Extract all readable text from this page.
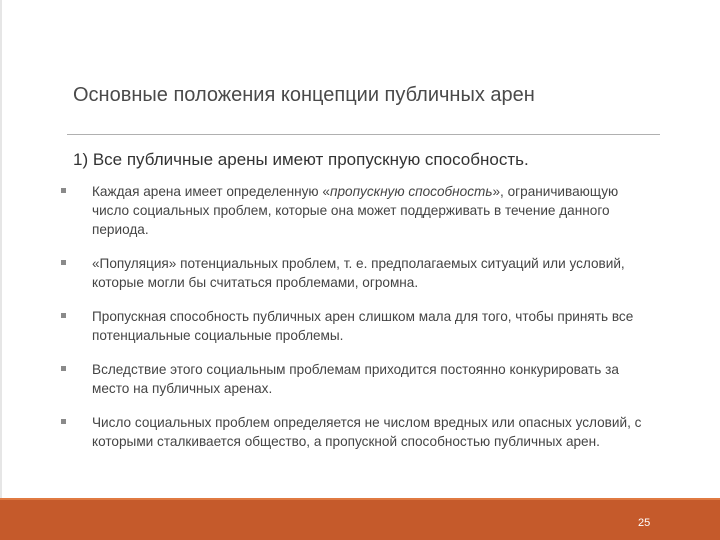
Основные положения концепции публичных арен
1) Все публичные арены имеют пропускную способность.
Каждая арена имеет определенную «пропускную способность», ограничивающую число социальных проблем, которые она может поддерживать в течение данного периода.
«Популяция» потенциальных проблем, т. е. предполагаемых ситуаций или условий, которые могли бы считаться проблемами, огромна.
Пропускная способность публичных арен слишком мала для того, чтобы принять все потенциальные социальные проблемы.
Вследствие этого социальным проблемам приходится постоянно конкурировать за место на публичных аренах.
Число социальных проблем определяется не числом вредных или опасных условий, с которыми сталкивается общество, а пропускной способностью публичных арен.
25
